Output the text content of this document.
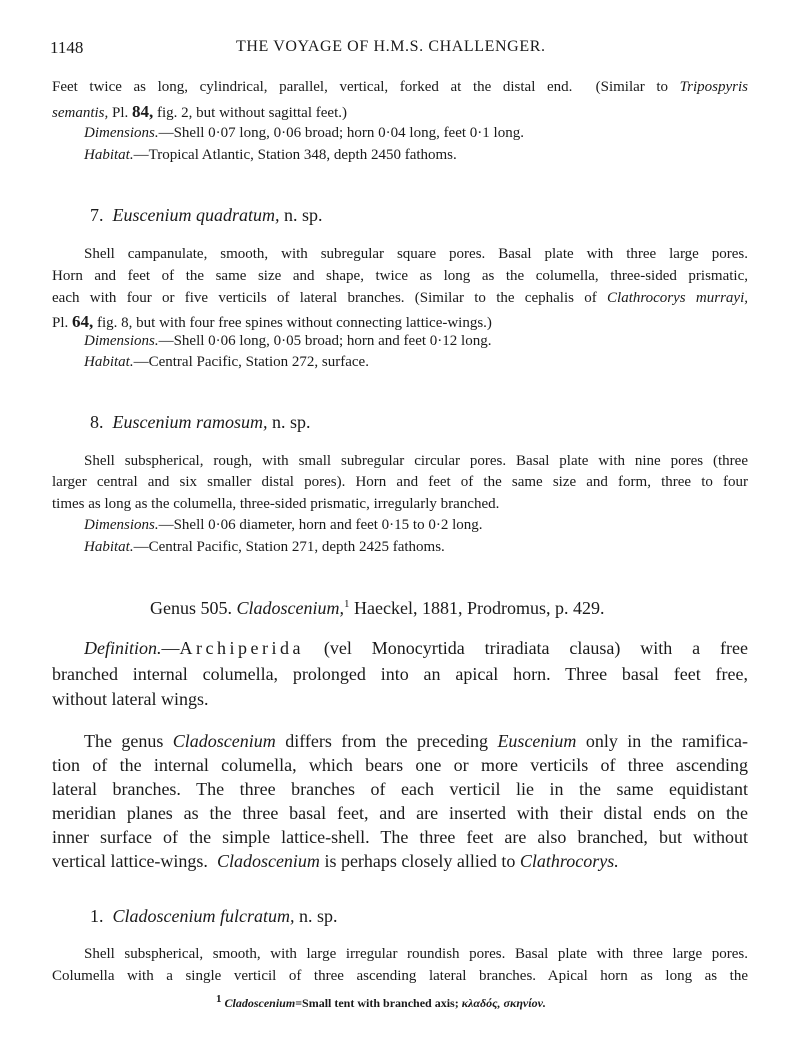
1148	THE VOYAGE OF H.M.S. CHALLENGER.
Feet twice as long, cylindrical, parallel, vertical, forked at the distal end. (Similar to Tripospyris
semantis, Pl. 84, fig. 2, but without sagittal feet.)
Dimensions.—Shell 0·07 long, 0·06 broad; horn 0·04 long, feet 0·1 long.
Habitat.—Tropical Atlantic, Station 348, depth 2450 fathoms.
7. Euscenium quadratum, n. sp.
Shell campanulate, smooth, with subregular square pores. Basal plate with three large pores.
Horn and feet of the same size and shape, twice as long as the columella, three-sided prismatic,
each with four or five verticils of lateral branches. (Similar to the cephalis of Clathrocorys murrayi,
Pl. 64, fig. 8, but with four free spines without connecting lattice-wings.)
Dimensions.—Shell 0·06 long, 0·05 broad; horn and feet 0·12 long.
Habitat.—Central Pacific, Station 272, surface.
8. Euscenium ramosum, n. sp.
Shell subspherical, rough, with small subregular circular pores. Basal plate with nine pores (three
larger central and six smaller distal pores). Horn and feet of the same size and form, three to four
times as long as the columella, three-sided prismatic, irregularly branched.
Dimensions.—Shell 0·06 diameter, horn and feet 0·15 to 0·2 long.
Habitat.—Central Pacific, Station 271, depth 2425 fathoms.
Genus 505. Cladoscenium,$^1$ Haeckel, 1881, Prodromus, p. 429.
Definition.—Archiperida (vel Monocyrtida triradiata clausa) with a free
branched internal columella, prolonged into an apical horn. Three basal feet free,
without lateral wings.
The genus Cladoscenium differs from the preceding Euscenium only in the ramifica-
tion of the internal columella, which bears one or more verticils of three ascending
lateral branches. The three branches of each verticil lie in the same equidistant
meridian planes as the three basal feet, and are inserted with their distal ends on the
inner surface of the simple lattice-shell. The three feet are also branched, but without
vertical lattice-wings. Cladoscenium is perhaps closely allied to Clathrocorys.
1. Cladoscenium fulcratum, n. sp.
Shell subspherical, smooth, with large irregular roundish pores. Basal plate with three large pores.
Columella with a single verticil of three ascending lateral branches. Apical horn as long as the
1 Cladoscenium=Small tent with branched axis; κλαδός, σκηνίον.
